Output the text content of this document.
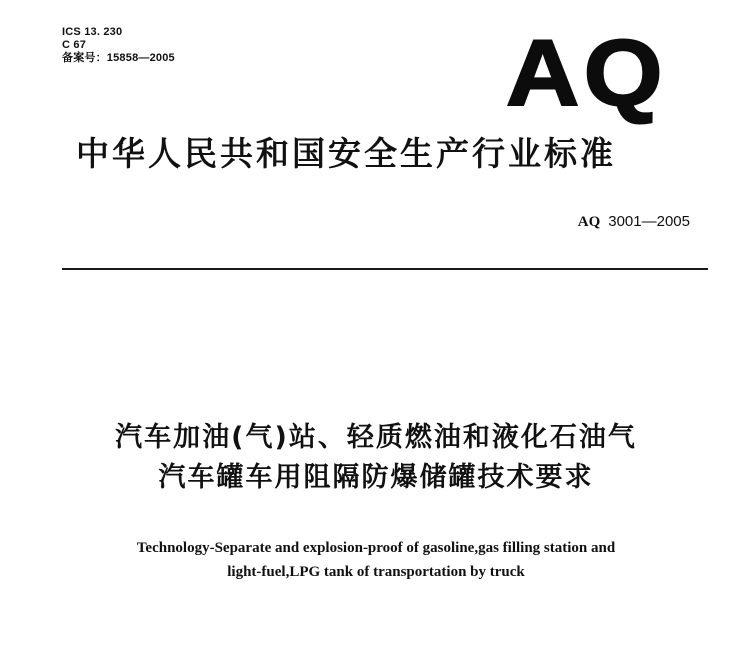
ICS 13. 230
C 67
备案号：15858—2005	AQ
中华人民共和国安全生产行业标准
AQ 3001—2005
汽车加油(气)站、轻质燃油和液化石油气
汽车罐车用阻隔防爆储罐技术要求
Technology-Separate and explosion-proof of gasoline,gas filling station and
light-fuel,LPG tank of transportation by truck
